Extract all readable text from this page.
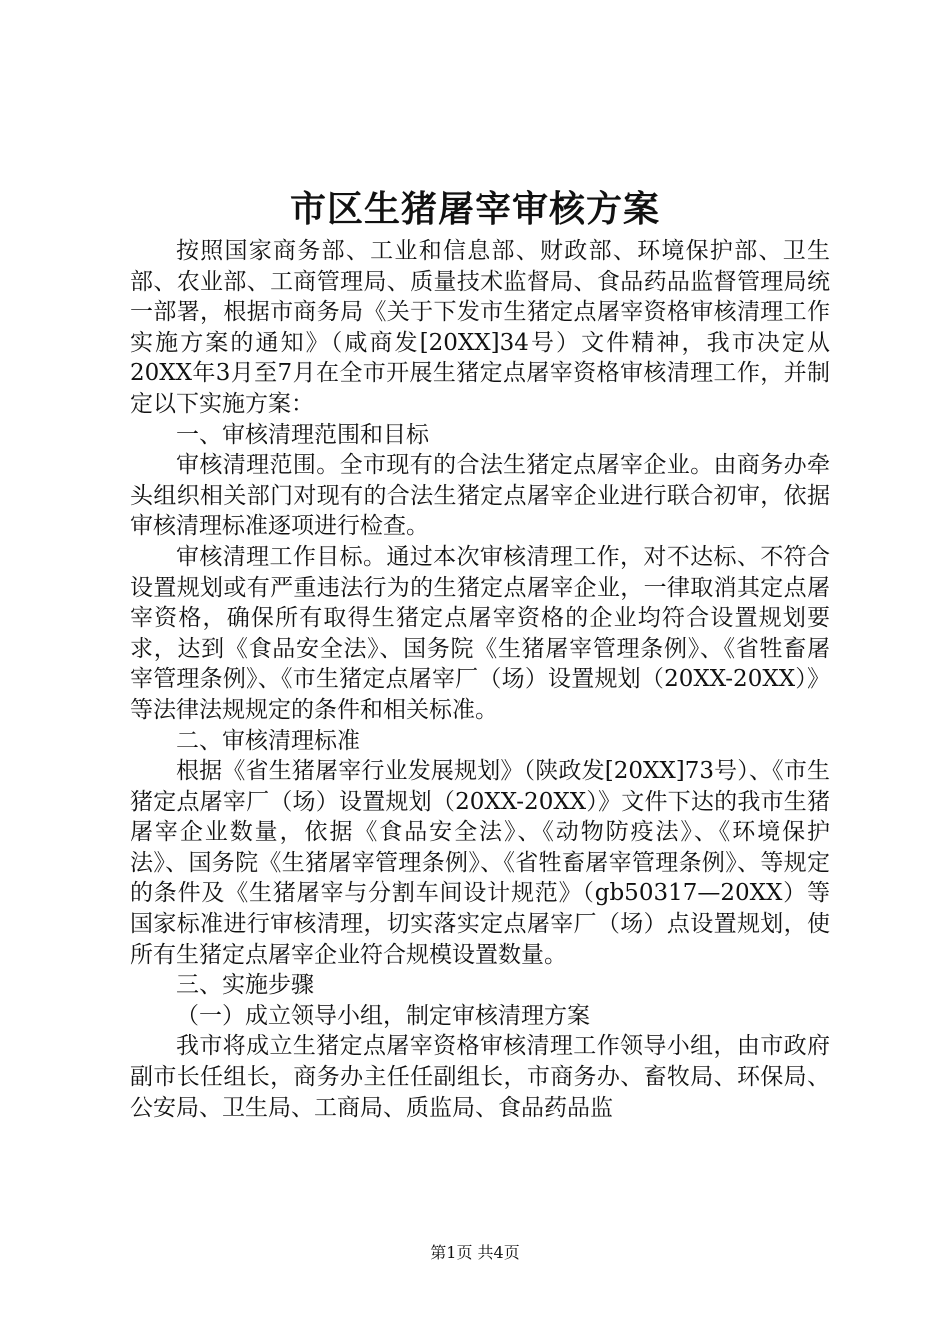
市区生猪屠宰审核方案

按照国家商务部、工业和信息部、财政部、环境保护部、卫生部、农业部、工商管理局、质量技术监督局、食品药品监督管理局统一部署，根据市商务局《关于下发市生猪定点屠宰资格审核清理工作实施方案的通知》（咸商发[20XX]34号）文件精神，我市决定从20XX年3月至7月在全市开展生猪定点屠宰资格审核清理工作，并制定以下实施方案：

一、审核清理范围和目标

审核清理范围。全市现有的合法生猪定点屠宰企业。由商务办牵头组织相关部门对现有的合法生猪定点屠宰企业进行联合初审，依据审核清理标准逐项进行检查。

审核清理工作目标。通过本次审核清理工作，对不达标、不符合设置规划或有严重违法行为的生猪定点屠宰企业，一律取消其定点屠宰资格，确保所有取得生猪定点屠宰资格的企业均符合设置规划要求，达到《食品安全法》、国务院《生猪屠宰管理条例》、《省牲畜屠宰管理条例》、《市生猪定点屠宰厂（场）设置规划（20XX-20XX）》等法律法规规定的条件和相关标准。

二、审核清理标准

根据《省生猪屠宰行业发展规划》（陕政发[20XX]73号）、《市生猪定点屠宰厂（场）设置规划（20XX-20XX）》文件下达的我市生猪屠宰企业数量，依据《食品安全法》、《动物防疫法》、《环境保护法》、国务院《生猪屠宰管理条例》、《省牲畜屠宰管理条例》、等规定的条件及《生猪屠宰与分割车间设计规范》（gb50317—20XX）等国家标准进行审核清理，切实落实定点屠宰厂（场）点设置规划，使所有生猪定点屠宰企业符合规模设置数量。

三、实施步骤

（一）成立领导小组，制定审核清理方案

我市将成立生猪定点屠宰资格审核清理工作领导小组，由市政府副市长任组长，商务办主任任副组长，市商务办、畜牧局、环保局、公安局、卫生局、工商局、质监局、食品药品监

第1页 共4页
